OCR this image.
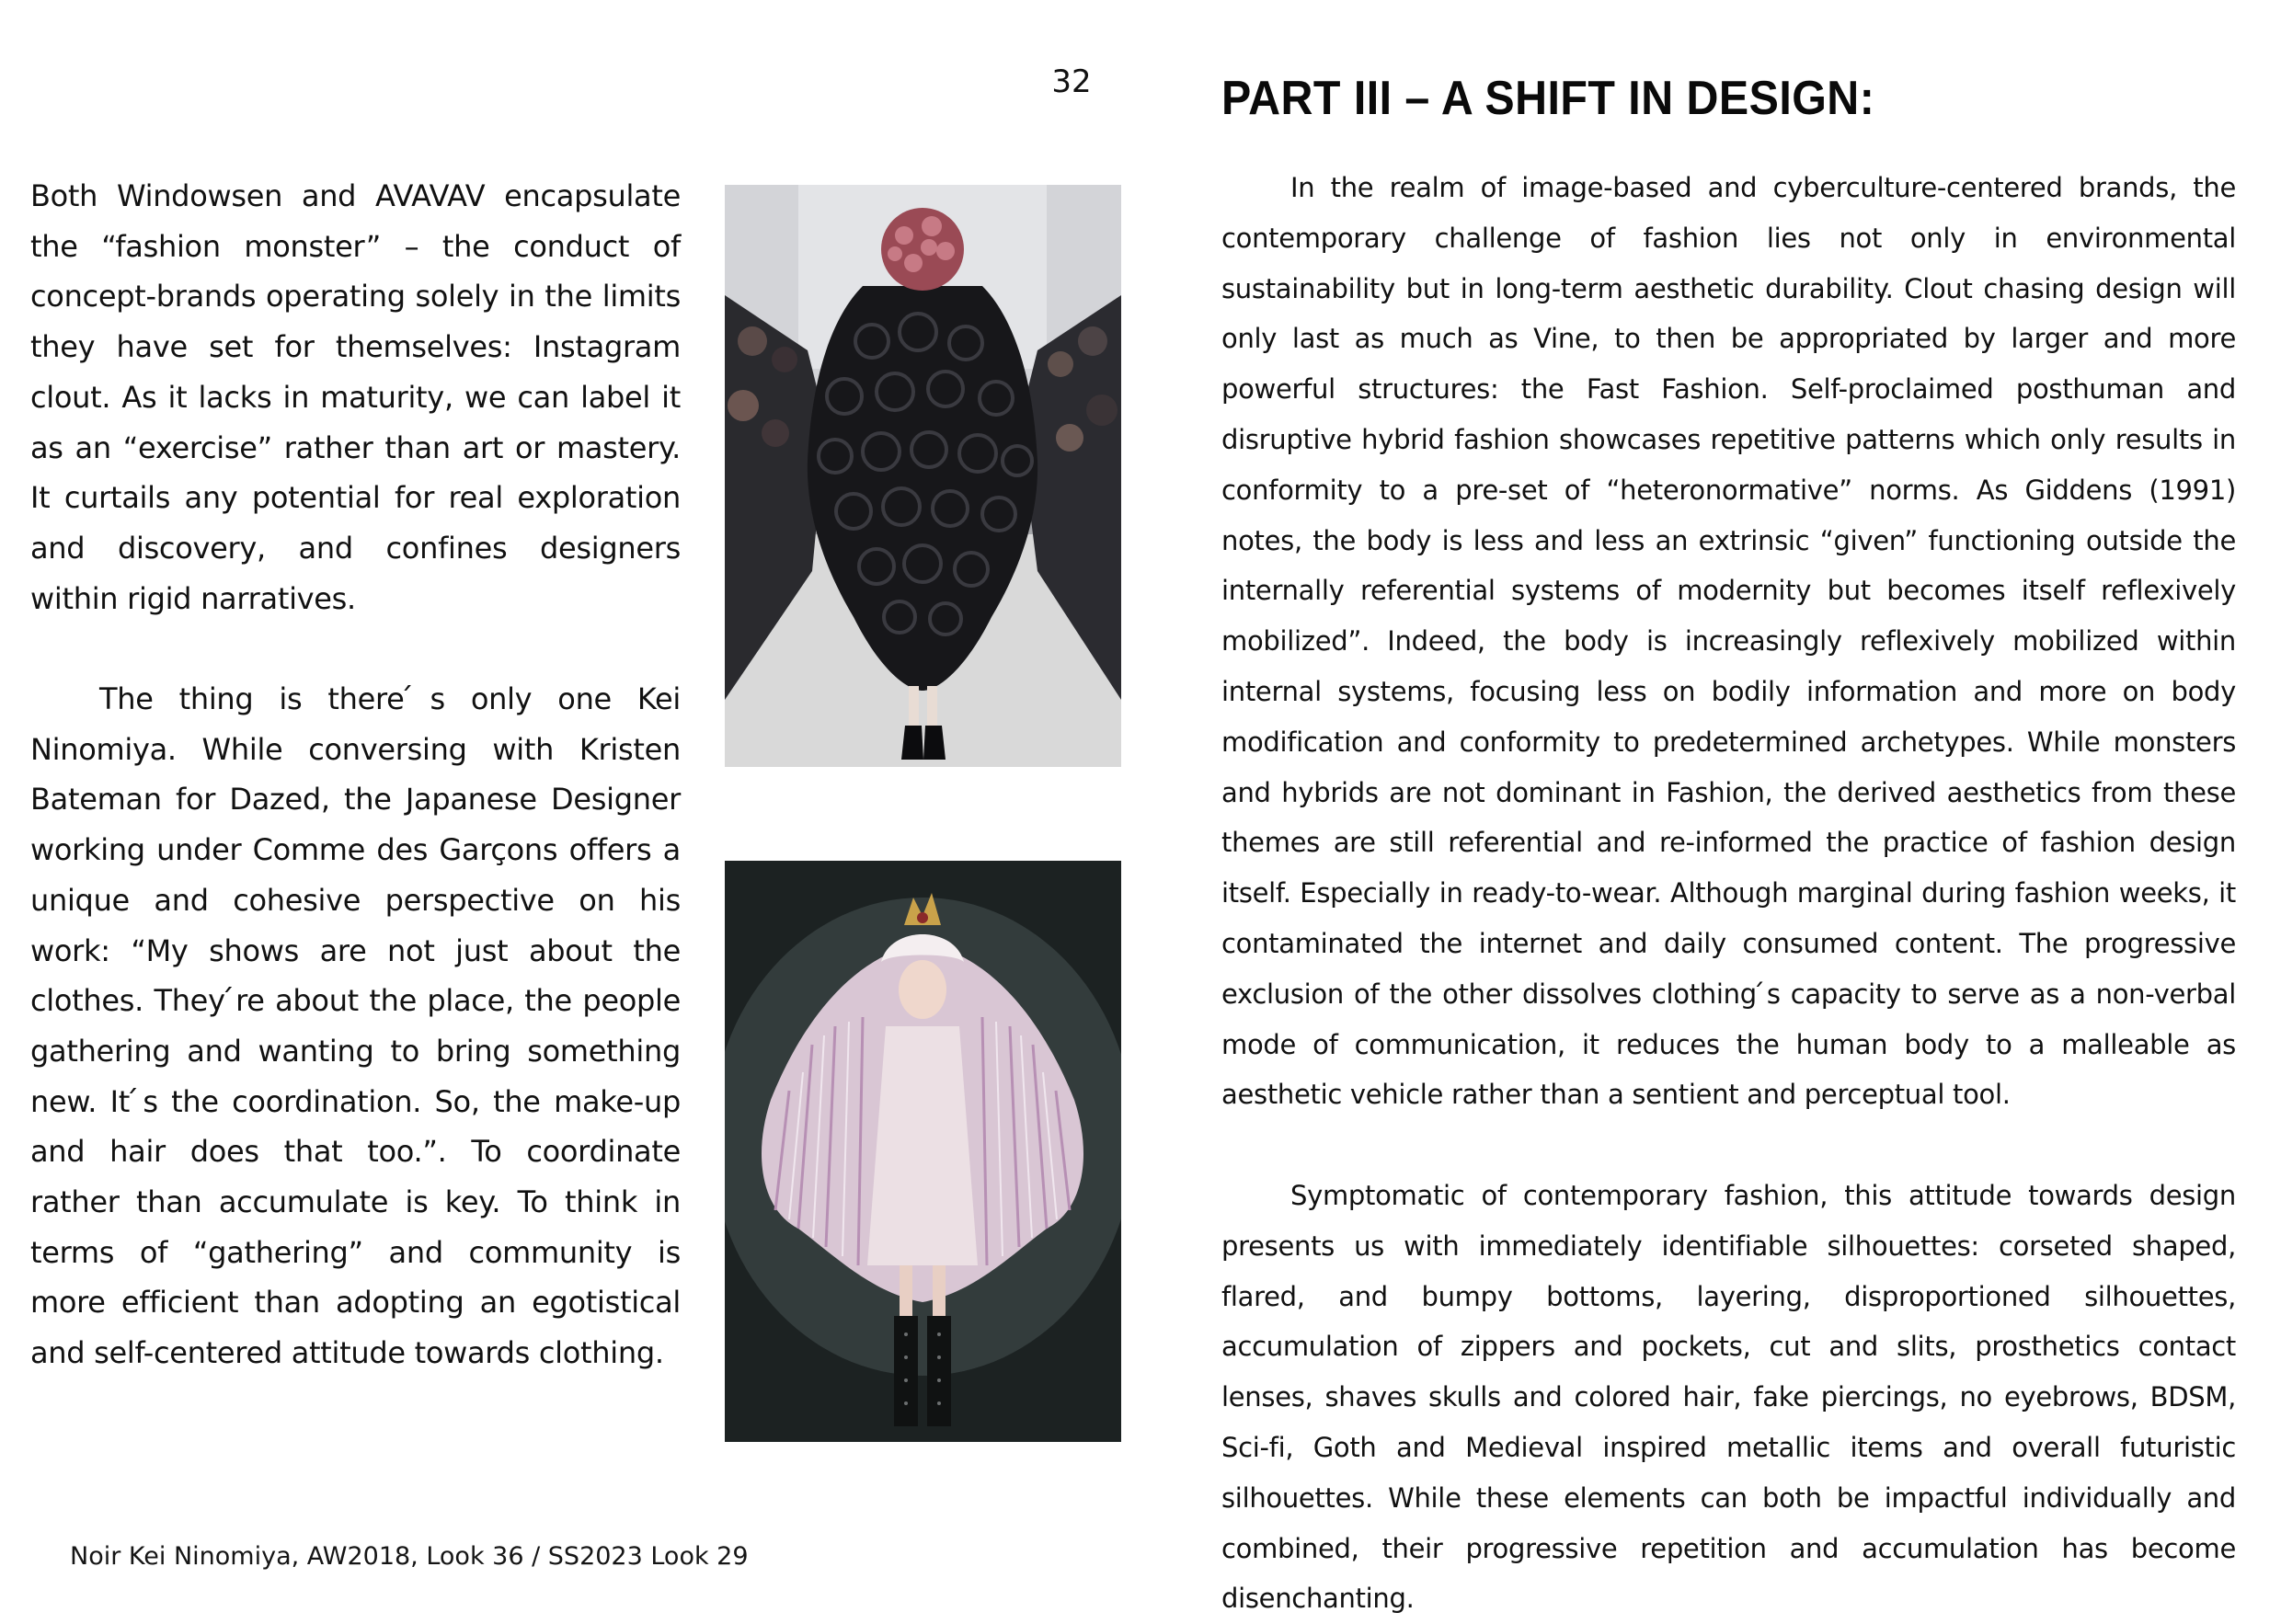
32	PART III – A SHIFT IN DESIGN:

Both Windowsen and AVAVAV encapsulate the “fashion monster” – the conduct of concept-brands operating solely in the limits they have set for themselves: Instagram clout. As it lacks in maturity, we can label it as an “exercise” rather than art or mastery. It curtails any potential for real exploration and discovery, and confines designers within rigid narratives.

The thing is there ́s only one Kei Ninomiya. While conversing with Kristen Bateman for Dazed, the Japanese Designer working under Comme des Garçons offers a unique and cohesive perspective on his work: “My shows are not just about the clothes. They ́re about the place, the people gathering and wanting to bring something new. It ́s the coordination. So, the make-up and hair does that too.”. To coordinate rather than accumulate is key. To think in terms of “gathering” and community is more efficient than adopting an egotistical and self-centered attitude towards clothing.

In the realm of image-based and cyberculture-centered brands, the contemporary challenge of fashion lies not only in environmental sustainability but in long-term aesthetic durability. Clout chasing design will only last as much as Vine, to then be appropriated by larger and more powerful structures: the Fast Fashion. Self-proclaimed posthuman and disruptive hybrid fashion showcases repetitive patterns which only results in conformity to a pre-set of “heteronormative” norms. As Giddens (1991) notes, the body is less and less an extrinsic “given” functioning outside the internally referential systems of modernity but becomes itself reflexively mobilized”. Indeed, the body is increasingly reflexively mobilized within internal systems, focusing less on bodily information and more on body modification and conformity to predetermined archetypes. While monsters and hybrids are not dominant in Fashion, the derived aesthetics from these themes are still referential and re-informed the practice of fashion design itself. Especially in ready-to-wear. Although marginal during fashion weeks, it contaminated the internet and daily consumed content. The progressive exclusion of the other dissolves clothing ́s capacity to serve as a non-verbal mode of communication, it reduces the human body to a malleable as aesthetic vehicle rather than a sentient and perceptual tool.

Symptomatic of contemporary fashion, this attitude towards design presents us with immediately identifiable silhouettes: corseted shaped, flared, and bumpy bottoms, layering, disproportioned silhouettes, accumulation of zippers and pockets, cut and slits, prosthetics contact lenses, shaves skulls and colored hair, fake piercings, no eyebrows, BDSM, Sci-fi, Goth and Medieval inspired metallic items and overall futuristic silhouettes. While these elements can both be impactful individually and combined, their progressive repetition and accumulation has become disenchanting.

Noir Kei Ninomiya, AW2018, Look 36 / SS2023 Look 29
